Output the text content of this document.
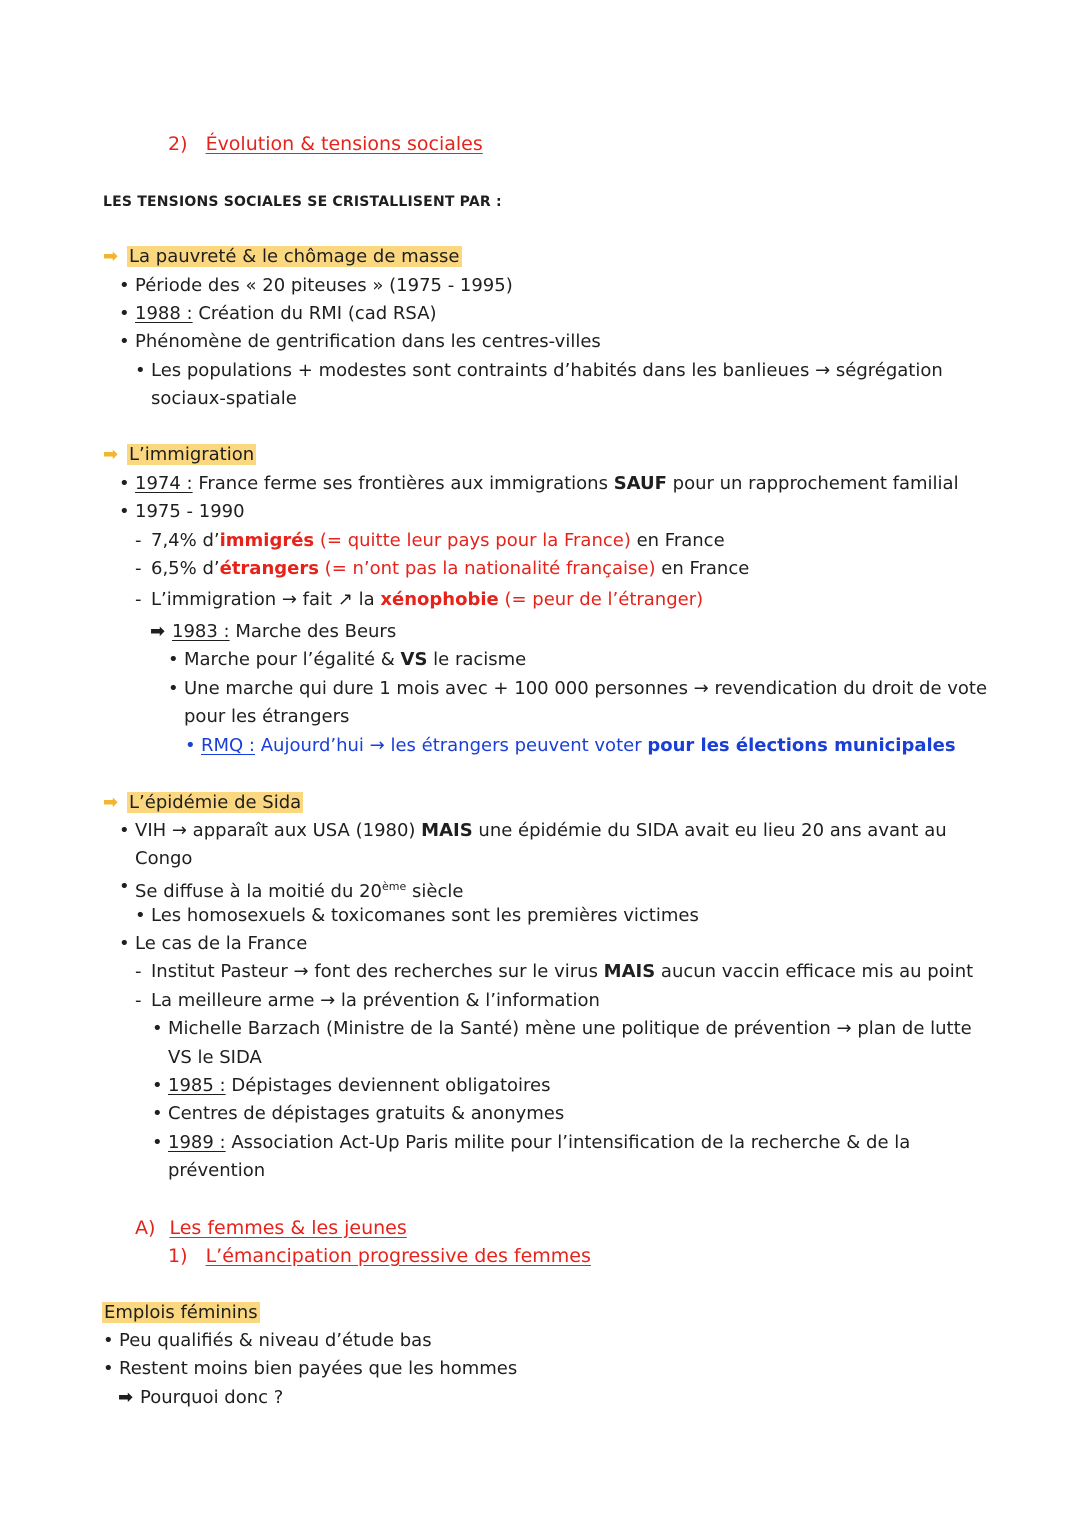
2) Évolution & tensions sociales
LES TENSIONS SOCIALES SE CRISTALLISENT PAR :
➡ La pauvreté & le chômage de masse
• Période des « 20 piteuses » (1975 - 1995)
• 1988 : Création du RMI (cad RSA)
• Phénomène de gentrification dans les centres-villes
• Les populations + modestes sont contraints d’habités dans les banlieues → ségrégation
sociaux-spatiale
➡ L’immigration
• 1974 : France ferme ses frontières aux immigrations SAUF pour un rapprochement familial
• 1975 - 1990
- 7,4% d’immigrés (= quitte leur pays pour la France) en France
- 6,5% d’étrangers (= n’ont pas la nationalité française) en France
- L’immigration → fait ↗ la xénophobie (= peur de l’étranger)
➡ 1983 : Marche des Beurs
• Marche pour l’égalité & VS le racisme
• Une marche qui dure 1 mois avec + 100 000 personnes → revendication du droit de vote
pour les étrangers
• RMQ : Aujourd’hui → les étrangers peuvent voter pour les élections municipales
➡ L’épidémie de Sida
• VIH → apparaît aux USA (1980) MAIS une épidémie du SIDA avait eu lieu 20 ans avant au
Congo
• Se diffuse à la moitié du 20ème siècle
• Les homosexuels & toxicomanes sont les premières victimes
• Le cas de la France
- Institut Pasteur → font des recherches sur le virus MAIS aucun vaccin efficace mis au point
- La meilleure arme → la prévention & l’information
• Michelle Barzach (Ministre de la Santé) mène une politique de prévention → plan de lutte
VS le SIDA
• 1985 : Dépistages deviennent obligatoires
• Centres de dépistages gratuits & anonymes
• 1989 : Association Act-Up Paris milite pour l’intensification de la recherche & de la
prévention
A) Les femmes & les jeunes
1) L’émancipation progressive des femmes
Emplois féminins
• Peu qualifiés & niveau d’étude bas
• Restent moins bien payées que les hommes
➡ Pourquoi donc ?
